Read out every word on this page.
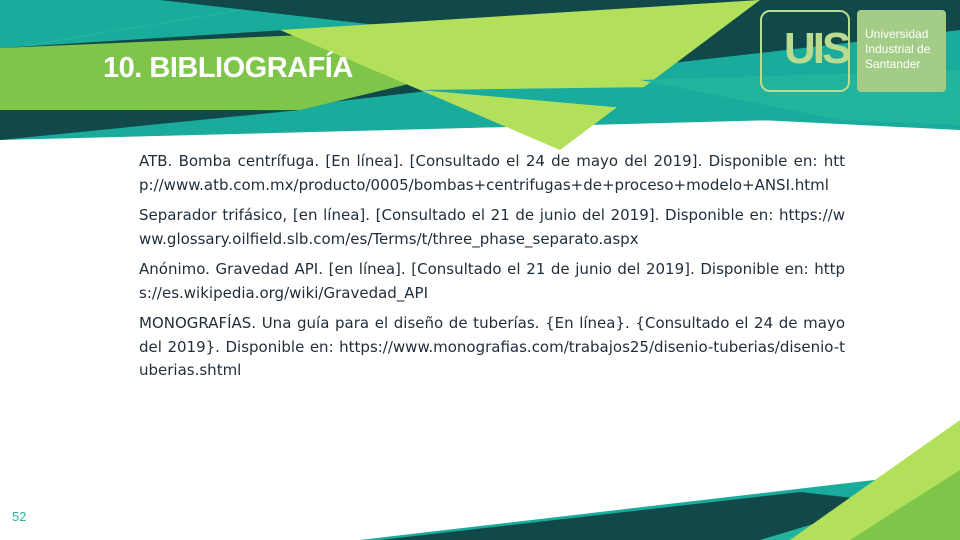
10. BIBLIOGRAFÍA	UIS Universidad
Industrial de
Santander

ATB. Bomba centrífuga. [En línea]. [Consultado el 24 de mayo del 2019]. Disponible en: http://www.atb.com.mx/producto/0005/bombas+centrifugas+de+proceso+modelo+ANSI.html

Separador trifásico, [en línea]. [Consultado el 21 de junio del 2019]. Disponible en: https://www.glossary.oilfield.slb.com/es/Terms/t/three_phase_separato.aspx

Anónimo. Gravedad API. [en línea]. [Consultado el 21 de junio del 2019]. Disponible en: https://es.wikipedia.org/wiki/Gravedad_API

MONOGRAFÍAS. Una guía para el diseño de tuberías. {En línea}. {Consultado el 24 de mayo del 2019}. Disponible en: https://www.monografias.com/trabajos25/disenio-tuberias/disenio-tuberias.shtml

52
